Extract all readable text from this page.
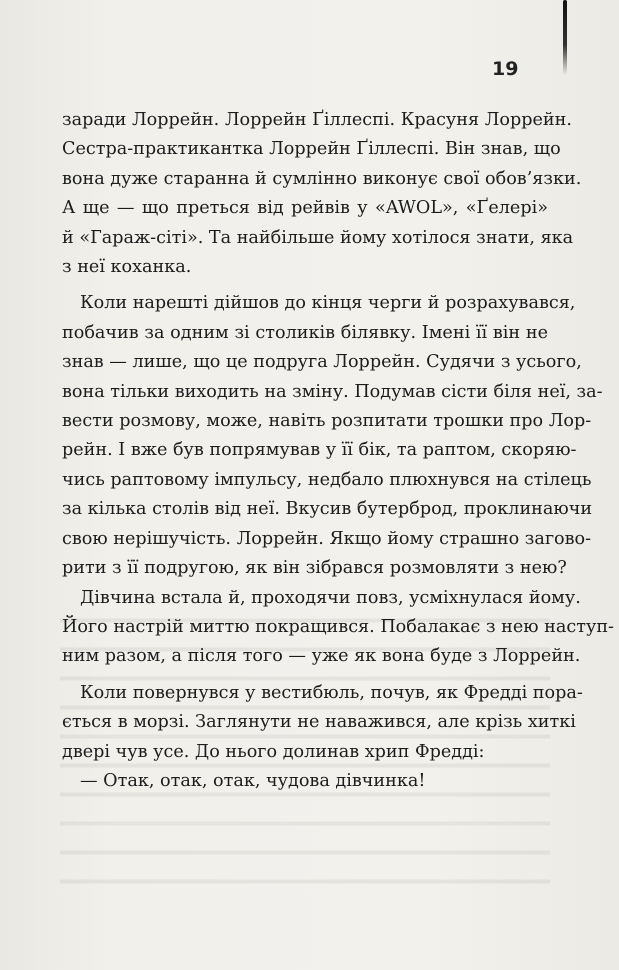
19
заради Лоррейн. Лоррейн Ґіллеспі. Красуня Лоррейн.
Сестра-практикантка Лоррейн Ґіллеспі. Він знав, що
вона дуже старанна й сумлінно виконує свої обов’язки.
А ще — що преться від рейвів у «AWOL», «Ґелері»
й «Гараж-сіті». Та найбільше йому хотілося знати, яка
з неї коханка.
Коли нарешті дійшов до кінця черги й розрахувався,
побачив за одним зі столиків білявку. Імені її він не
знав — лише, що це подруга Лоррейн. Судячи з усього,
вона тільки виходить на зміну. Подумав сісти біля неї, за-
вести розмову, може, навіть розпитати трошки про Лор-
рейн. І вже був попрямував у її бік, та раптом, скоряю-
чись раптовому імпульсу, недбало плюхнувся на стілець
за кілька столів від неї. Вкусив бутерброд, проклинаючи
свою нерішучість. Лоррейн. Якщо йому страшно загово-
рити з її подругою, як він зібрався розмовляти з нею?
Дівчина встала й, проходячи повз, усміхнулася йому.
Його настрій миттю покращився. Побалакає з нею наступ-
ним разом, а після того — уже як вона буде з Лоррейн.
Коли повернувся у вестибюль, почув, як Фредді пора-
ється в морзі. Заглянути не наважився, але крізь хиткі
двері чув усе. До нього долинав хрип Фредді:
— Отак, отак, отак, чудова дівчинка!
